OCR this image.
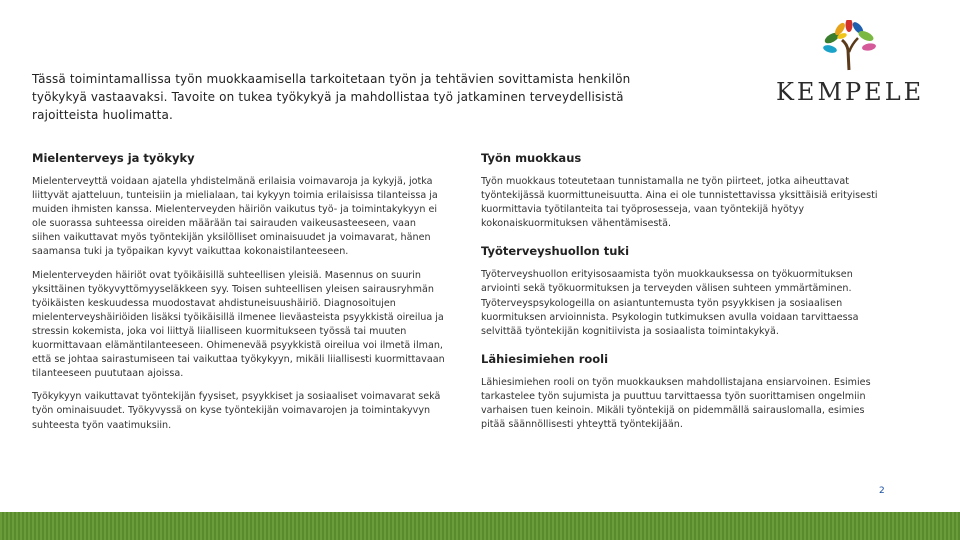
Tässä toimintamallissa työn muokkaamisella tarkoitetaan työn ja tehtävien sovittamista henkilön työkykyä vastaavaksi. Tavoite on tukea työkykyä ja mahdollistaa työ jatkaminen terveydellisistä rajoitteista huolimatta.

KEMPELE
Mielenterveys ja työkyky

Mielenterveyttä voidaan ajatella yhdistelmänä erilaisia voimavaroja ja kykyjä, jotka liittyvät ajatteluun, tunteisiin ja mielialaan, tai kykyyn toimia erilaisissa tilanteissa ja muiden ihmisten kanssa. Mielenterveyden häiriön vaikutus työ- ja toimintakykyyn ei ole suorassa suhteessa oireiden määrään tai sairauden vaikeusasteeseen, vaan siihen vaikuttavat myös työntekijän yksilölliset ominaisuudet ja voimavarat, hänen saamansa tuki ja työpaikan kyvyt vaikuttaa kokonaistilanteeseen.

Mielenterveyden häiriöt ovat työikäisillä suhteellisen yleisiä. Masennus on suurin yksittäinen työkyvyttömyyseläkkeen syy. Toisen suhteellisen yleisen sairausryhmän työikäisten keskuudessa muodostavat ahdistuneisuushäiriö. Diagnosoitujen mielenterveyshäiriöiden lisäksi työikäisillä ilmenee lieväasteista psyykkistä oireilua ja stressin kokemista, joka voi liittyä liialliseen kuormitukseen työssä tai muuten kuormittavaan elämäntilanteeseen. Ohimenevää psyykkistä oireilua voi ilmetä ilman, että se johtaa sairastumiseen tai vaikuttaa työkykyyn, mikäli liiallisesti kuormittavaan tilanteeseen puututaan ajoissa.

Työkykyyn vaikuttavat työntekijän fyysiset, psyykkiset ja sosiaaliset voimavarat sekä työn ominaisuudet. Työkyvyssä on kyse työntekijän voimavarojen ja toimintakyvyn suhteesta työn vaatimuksiin.

Työn muokkaus

Työn muokkaus toteutetaan tunnistamalla ne työn piirteet, jotka aiheuttavat työntekijässä kuormittuneisuutta. Aina ei ole tunnistettavissa yksittäisiä erityisesti kuormittavia työtilanteita tai työprosesseja, vaan työntekijä hyötyy kokonaiskuormituksen vähentämisestä.

Työterveyshuollon tuki

Työterveyshuollon erityisosaamista työn muokkauksessa on työkuormituksen arviointi sekä työkuormituksen ja terveyden välisen suhteen ymmärtäminen. Työterveyspsykologeilla on asiantuntemusta työn psyykkisen ja sosiaalisen kuormituksen arvioinnista. Psykologin tutkimuksen avulla voidaan tarvittaessa selvittää työntekijän kognitiivista ja sosiaalista toimintakykyä.

Lähiesimiehen rooli

Lähiesimiehen rooli on työn muokkauksen mahdollistajana ensiarvoinen. Esimies tarkastelee työn sujumista ja puuttuu tarvittaessa työn suorittamisen ongelmiin varhaisen tuen keinoin. Mikäli työntekijä on pidemmällä sairauslomalla, esimies pitää säännöllisesti yhteyttä työntekijään.

2
